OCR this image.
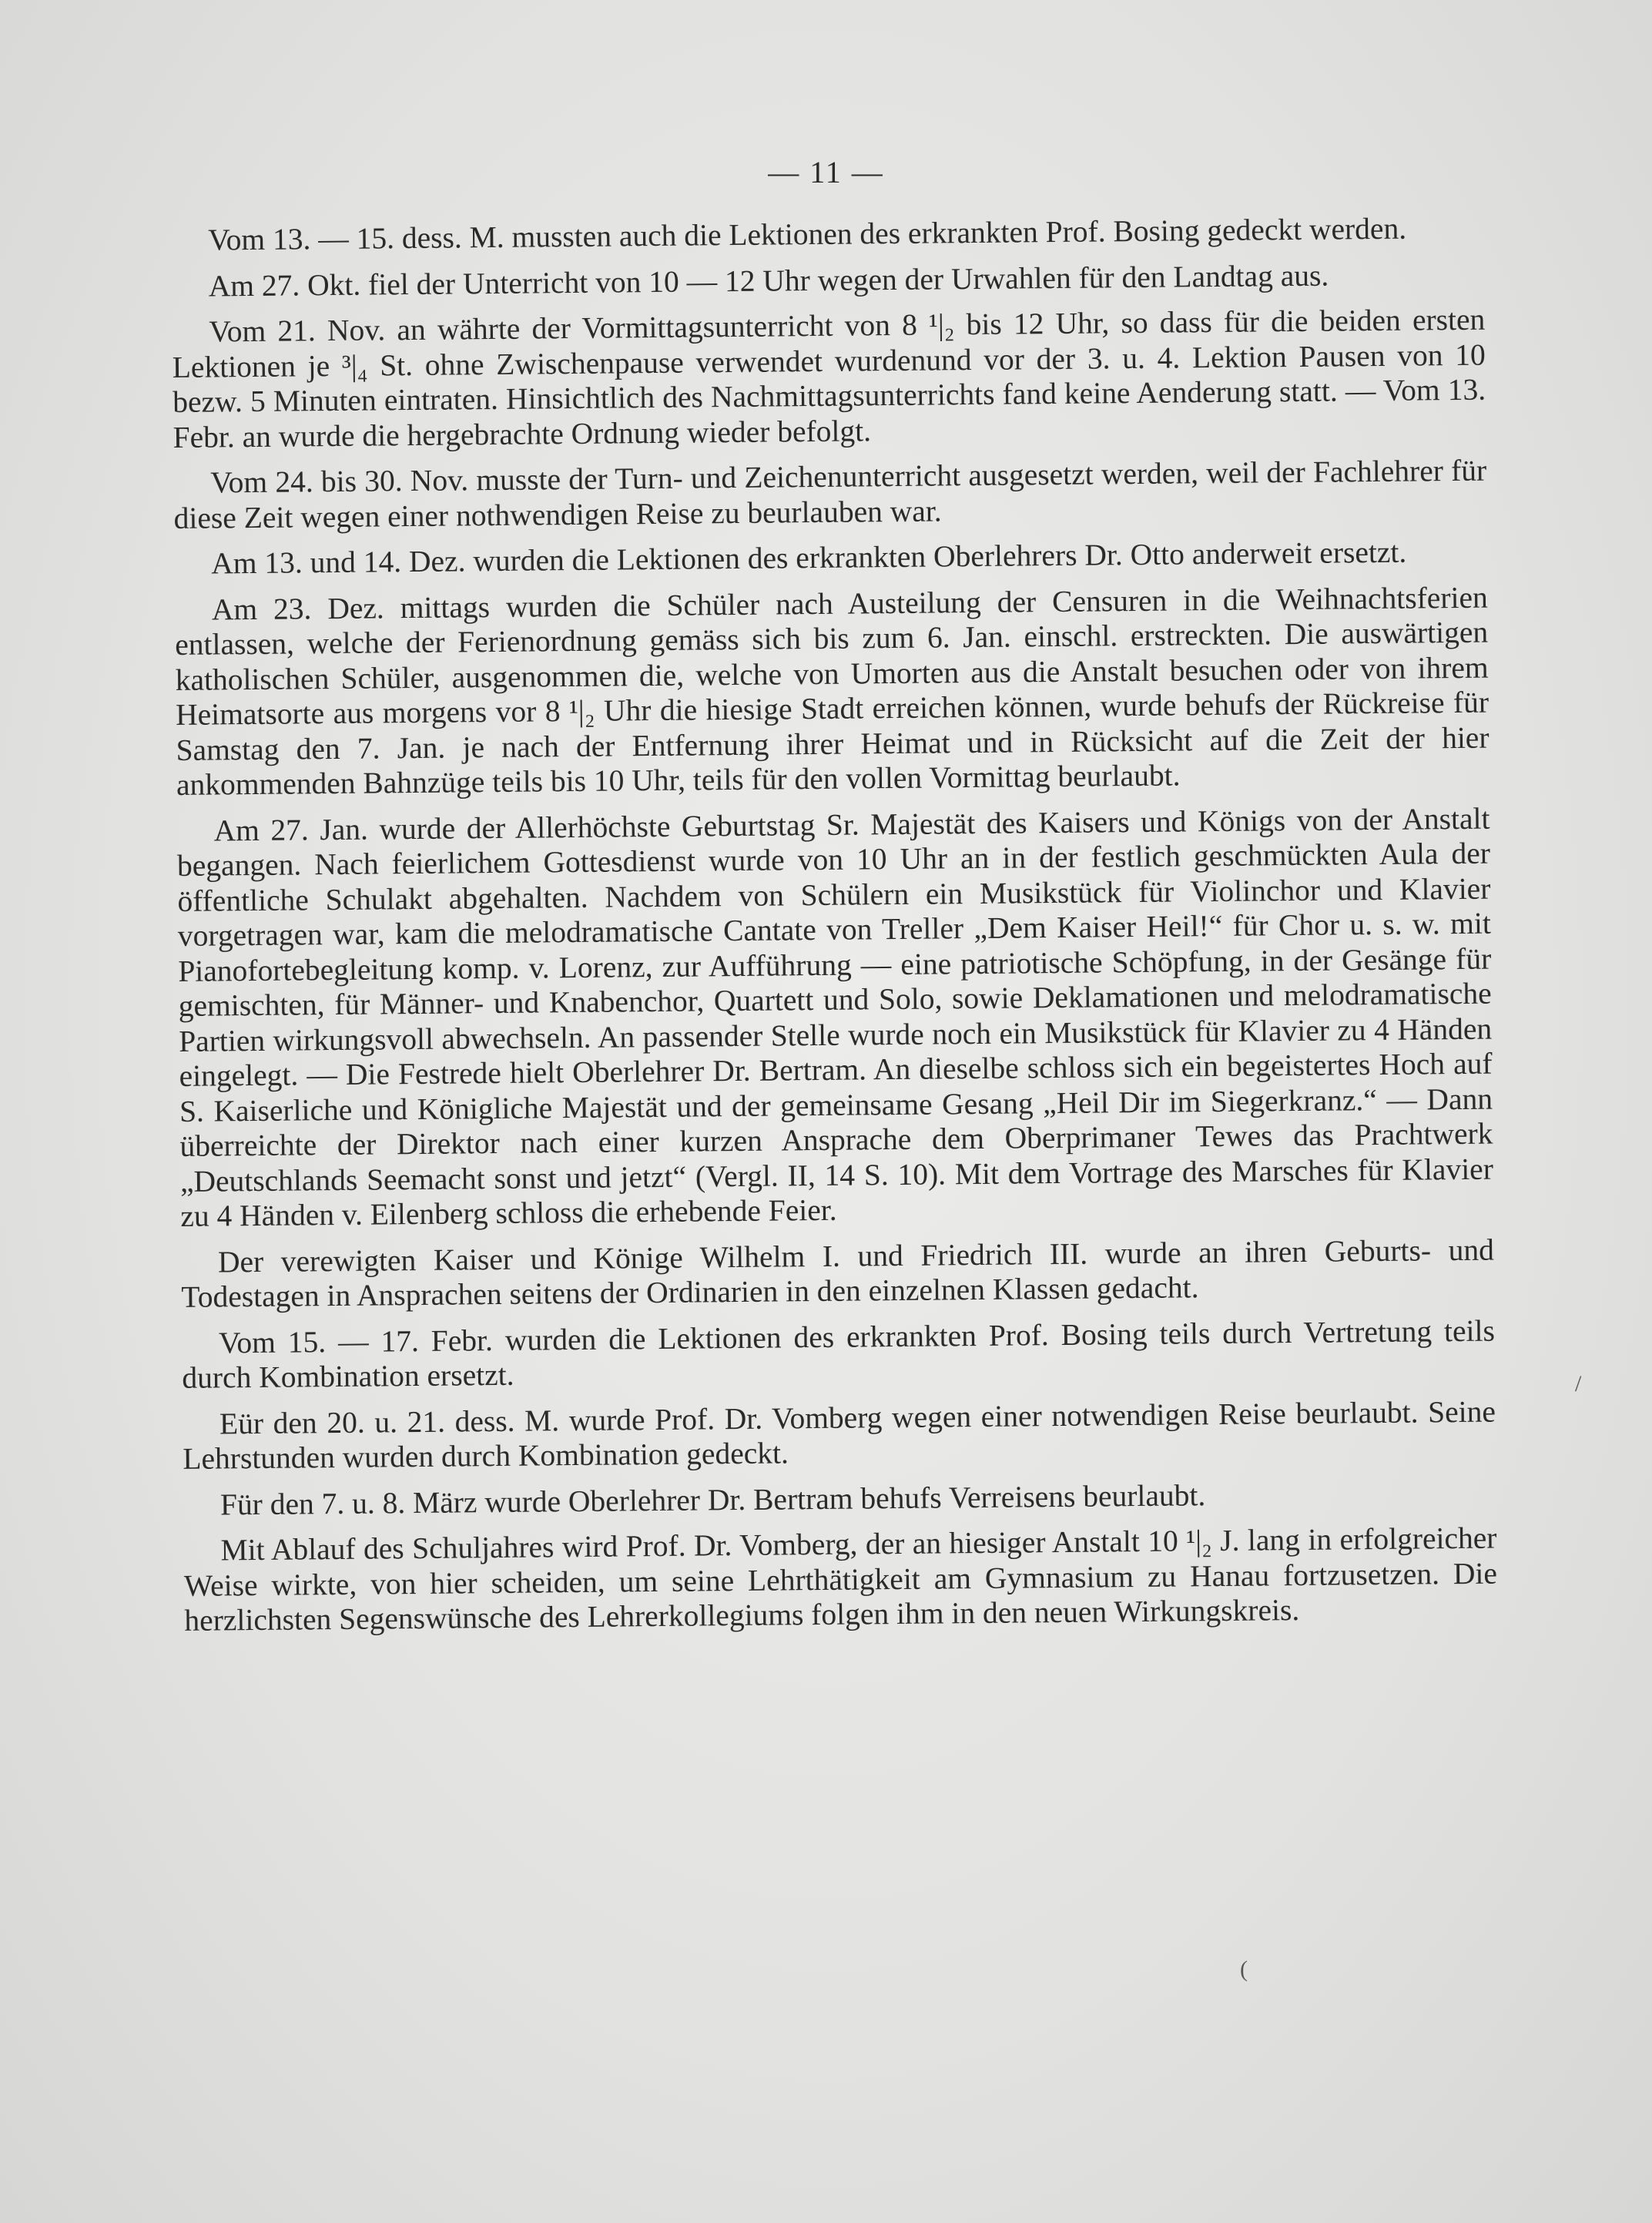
— 11 —

Vom 13. — 15. dess. M. mussten auch die Lektionen des erkrankten Prof. Bosing gedeckt werden.

Am 27. Okt. fiel der Unterricht von 10 — 12 Uhr wegen der Urwahlen für den Landtag aus.

Vom 21. Nov. an währte der Vormittagsunterricht von 8 ¹|₂ bis 12 Uhr, so dass für die beiden ersten Lektionen je ³|₄ St. ohne Zwischenpause verwendet wurdenund vor der 3. u. 4. Lektion Pausen von 10 bezw. 5 Minuten eintraten. Hinsichtlich des Nachmittagsunterrichts fand keine Aenderung statt. — Vom 13. Febr. an wurde die hergebrachte Ordnung wieder befolgt.

Vom 24. bis 30. Nov. musste der Turn- und Zeichenunterricht ausgesetzt werden, weil der Fachlehrer für diese Zeit wegen einer nothwendigen Reise zu beurlauben war.

Am 13. und 14. Dez. wurden die Lektionen des erkrankten Oberlehrers Dr. Otto anderweit ersetzt.

Am 23. Dez. mittags wurden die Schüler nach Austeilung der Censuren in die Weihnachtsferien entlassen, welche der Ferienordnung gemäss sich bis zum 6. Jan. einschl. erstreckten. Die auswärtigen katholischen Schüler, ausgenommen die, welche von Umorten aus die Anstalt besuchen oder von ihrem Heimatsorte aus morgens vor 8 ¹|₂ Uhr die hiesige Stadt erreichen können, wurde behufs der Rückreise für Samstag den 7. Jan. je nach der Entfernung ihrer Heimat und in Rücksicht auf die Zeit der hier ankommenden Bahnzüge teils bis 10 Uhr, teils für den vollen Vormittag beurlaubt.

Am 27. Jan. wurde der Allerhöchste Geburtstag Sr. Majestät des Kaisers und Königs von der Anstalt begangen. Nach feierlichem Gottesdienst wurde von 10 Uhr an in der festlich geschmückten Aula der öffentliche Schulakt abgehalten. Nachdem von Schülern ein Musikstück für Violinchor und Klavier vorgetragen war, kam die melodramatische Cantate von Treller „Dem Kaiser Heil!“ für Chor u. s. w. mit Pianofortebegleitung komp. v. Lorenz, zur Aufführung — eine patriotische Schöpfung, in der Gesänge für gemischten, für Männer- und Knabenchor, Quartett und Solo, sowie Deklamationen und melodramatische Partien wirkungsvoll abwechseln. An passender Stelle wurde noch ein Musikstück für Klavier zu 4 Händen eingelegt. — Die Festrede hielt Oberlehrer Dr. Bertram. An dieselbe schloss sich ein begeistertes Hoch auf S. Kaiserliche und Königliche Majestät und der gemeinsame Gesang „Heil Dir im Siegerkranz.“ — Dann überreichte der Direktor nach einer kurzen Ansprache dem Oberprimaner Tewes das Prachtwerk „Deutschlands Seemacht sonst und jetzt“ (Vergl. II, 14 S. 10). Mit dem Vortrage des Marsches für Klavier zu 4 Händen v. Eilenberg schloss die erhebende Feier.

Der verewigten Kaiser und Könige Wilhelm I. und Friedrich III. wurde an ihren Geburts- und Todestagen in Ansprachen seitens der Ordinarien in den einzelnen Klassen gedacht.

Vom 15. — 17. Febr. wurden die Lektionen des erkrankten Prof. Bosing teils durch Vertretung teils durch Kombination ersetzt.

Eür den 20. u. 21. dess. M. wurde Prof. Dr. Vomberg wegen einer notwendigen Reise beurlaubt. Seine Lehrstunden wurden durch Kombination gedeckt.

Für den 7. u. 8. März wurde Oberlehrer Dr. Bertram behufs Verreisens beurlaubt.

Mit Ablauf des Schuljahres wird Prof. Dr. Vomberg, der an hiesiger Anstalt 10 ¹|₂ J. lang in erfolgreicher Weise wirkte, von hier scheiden, um seine Lehrthätigkeit am Gymnasium zu Hanau fortzusetzen. Die herzlichsten Segenswünsche des Lehrerkollegiums folgen ihm in den neuen Wirkungskreis.

/
(
